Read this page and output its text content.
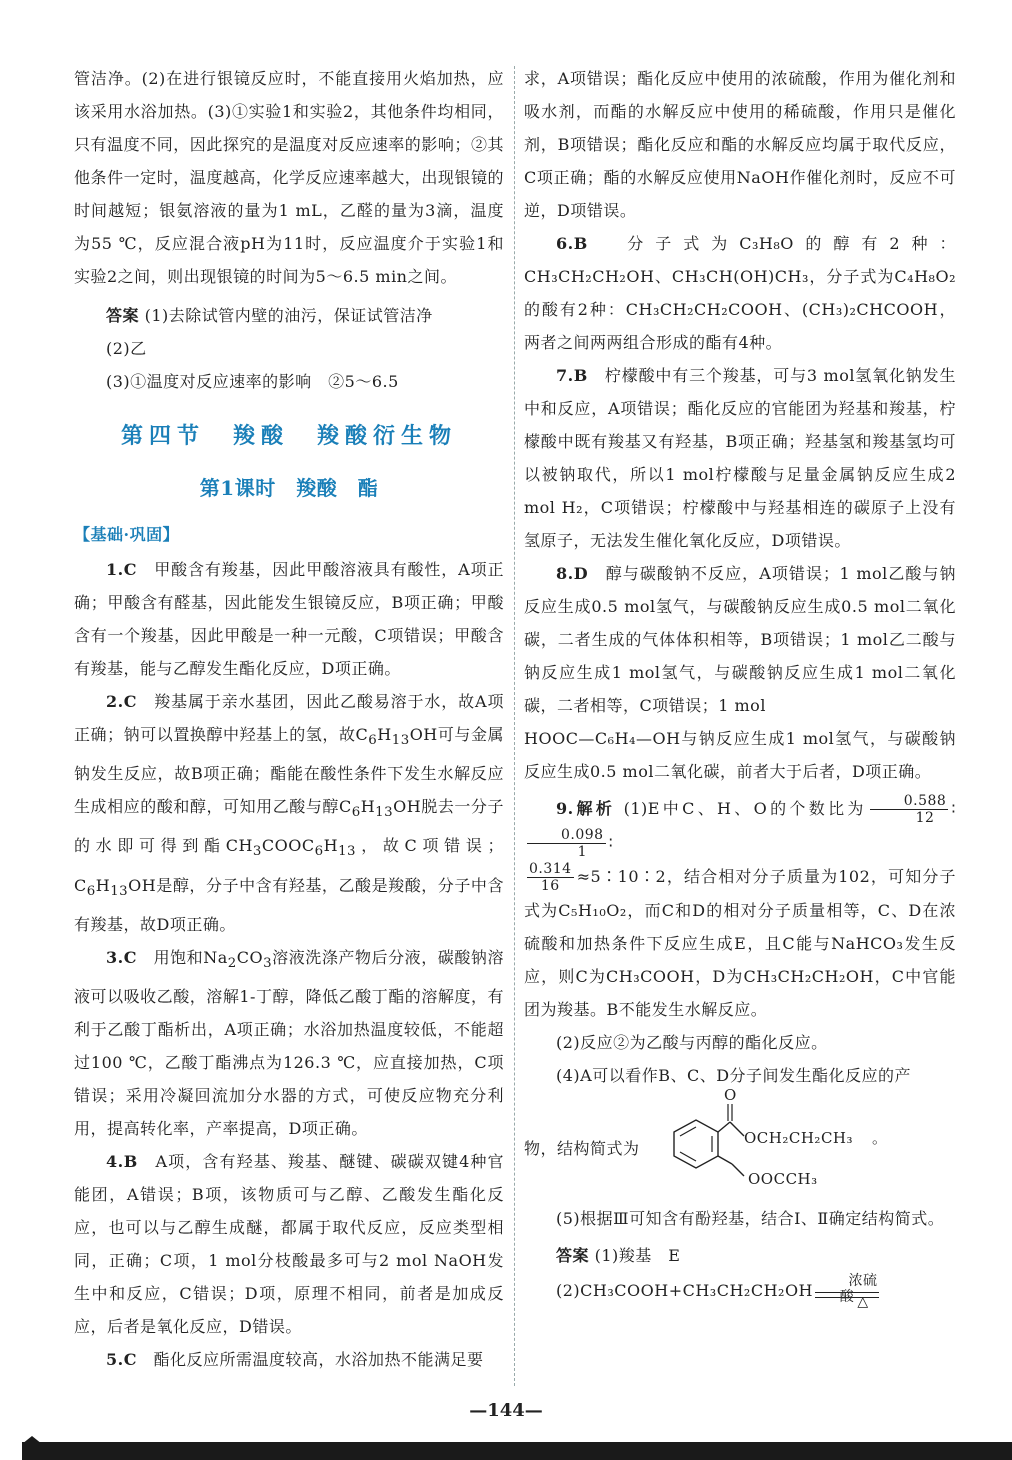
管洁净。(2)在进行银镜反应时，不能直接用火焰加热，应该采用水浴加热。(3)①实验1和实验2，其他条件均相同，只有温度不同，因此探究的是温度对反应速率的影响；②其他条件一定时，温度越高，化学反应速率越大，出现银镜的时间越短；银氨溶液的量为1 mL，乙醛的量为3滴，温度为55 ℃，反应混合液pH为11时，反应温度介于实验1和实验2之间，则出现银镜的时间为5～6.5 min之间。

答案 (1)去除试管内壁的油污，保证试管洁净

(2)乙

(3)①温度对反应速率的影响　②5～6.5

第四节　羧酸　羧酸衍生物
第1课时　羧酸　酯
【基础·巩固】

1.C　 甲酸含有羧基，因此甲酸溶液具有酸性，A项正确；甲酸含有醛基，因此能发生银镜反应，B项正确；甲酸含有一个羧基，因此甲酸是一种一元酸，C项错误；甲酸含有羧基，能与乙醇发生酯化反应，D项正确。

2.C　 羧基属于亲水基团，因此乙酸易溶于水，故A项正确；钠可以置换醇中羟基上的氢，故$C_6H_{13}OH$可与金属钠发生反应，故B项正确；酯能在酸性条件下发生水解反应生成相应的酸和醇，可知用乙酸与醇$C_6H_{13}OH$脱去一分子的水即可得到酯$CH_3COOC_6H_{13}$，故C项错误；$C_6H_{13}OH$是醇，分子中含有羟基，乙酸是羧酸，分子中含有羧基，故D项正确。

3.C　 用饱和$Na_2CO_3$溶液洗涤产物后分液，碳酸钠溶液可以吸收乙酸，溶解1-丁醇，降低乙酸丁酯的溶解度，有利于乙酸丁酯析出，A项正确；水浴加热温度较低，不能超过100 ℃，乙酸丁酯沸点为126.3 ℃，应直接加热，C项错误；采用冷凝回流加分水器的方式，可使反应物充分利用，提高转化率，产率提高，D项正确。

4.B　 A项，含有羟基、羧基、醚键、碳碳双键4种官能团，A错误；B项，该物质可与乙醇、乙酸发生酯化反应，也可以与乙醇生成醚，都属于取代反应，反应类型相同，正确；C项，1 mol分枝酸最多可与2 mol NaOH发生中和反应，C错误；D项，原理不相同，前者是加成反应，后者是氧化反应，D错误。

5.C　 酯化反应所需温度较高，水浴加热不能满足要

求，A项错误；酯化反应中使用的浓硫酸，作用为催化剂和吸水剂，而酯的水解反应中使用的稀硫酸，作用只是催化剂，B项错误；酯化反应和酯的水解反应均属于取代反应，C项正确；酯的水解反应使用NaOH作催化剂时，反应不可逆，D项错误。

6.B　 分子式为C₃H₈O的醇有2种：CH₃CH₂CH₂OH、CH₃CH(OH)CH₃，分子式为C₄H₈O₂的酸有2种：CH₃CH₂CH₂COOH、(CH₃)₂CHCOOH，两者之间两两组合形成的酯有4种。

7.B　 柠檬酸中有三个羧基，可与3 mol氢氧化钠发生中和反应，A项错误；酯化反应的官能团为羟基和羧基，柠檬酸中既有羧基又有羟基，B项正确；羟基氢和羧基氢均可以被钠取代，所以1 mol柠檬酸与足量金属钠反应生成2 mol H₂，C项错误；柠檬酸中与羟基相连的碳原子上没有氢原子，无法发生催化氧化反应，D项错误。

8.D　 醇与碳酸钠不反应，A项错误；1 mol乙酸与钠反应生成0.5 mol氢气，与碳酸钠反应生成0.5 mol二氧化碳，二者生成的气体体积相等，B项错误；1 mol乙二酸与钠反应生成1 mol氢气，与碳酸钠反应生成1 mol二氧化碳，二者相等，C项错误；1 mol

HOOC—C₆H₄—OH与钠反应生成1 mol氢气，与碳酸钠反应生成0.5 mol二氧化碳，前者大于后者，D项正确。

9.解析 (1)E中C、H、O的个数比为 $\frac{0.588}{12}$ ∶
$\frac{0.098}{1}$ ∶

$\frac{0.314}{16}$ ≈5∶10∶2，结合相对分子质量为102，可知分子式为C₅H₁₀O₂，而C和D的相对分子质量相等，C、D在浓硫酸和加热条件下反应生成E，且C能与NaHCO₃发生反应，则C为CH₃COOH，D为CH₃CH₂CH₂OH，C中官能团为羧基。B不能发生水解反应。

(2)反应②为乙酸与丙醇的酯化反应。

(4)A可以看作B、C、D分子间发生酯化反应的产

物，结构简式为
O
OCH₂CH₂CH₃
OOCCH₃
。

(5)根据Ⅲ可知含有酚羟基，结合Ⅰ、Ⅱ确定结构简式。

答案 (1)羧基　E

(2)CH₃COOH+CH₃CH₂CH₂OH
浓硫酸 △

—144—
